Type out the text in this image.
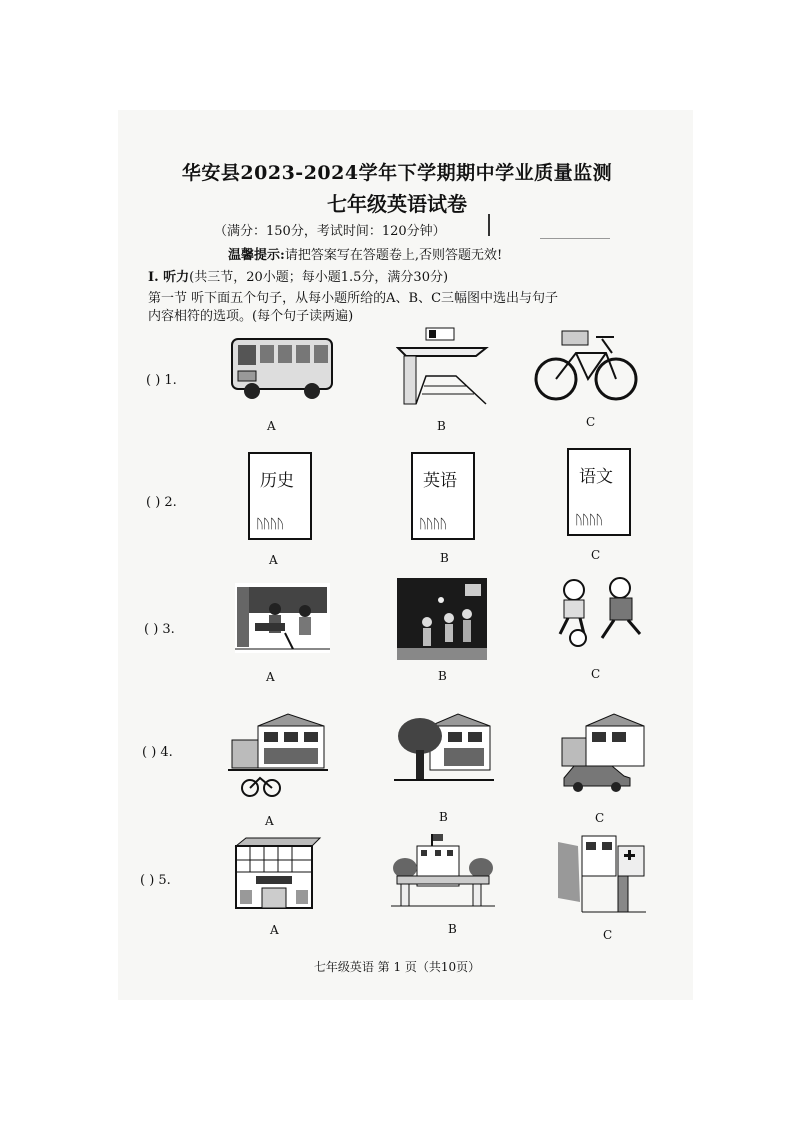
华安县2023-2024学年下学期期中学业质量监测
七年级英语试卷
（满分：150分，考试时间：120分钟）
温馨提示:请把答案写在答题卷上,否则答题无效!
Ⅰ. 听力(共三节，20小题；每小题1.5分，满分30分)
第一节 听下面五个句子，从每小题所给的A、B、C三幅图中选出与句子
内容相符的选项。(每个句子读两遍)
( ) 1.
A	B	C
( ) 2.
历史
ᚢᚢᚢᚢ
英语
ᚢᚢᚢᚢ
语文
ᚢᚢᚢᚢ
A	B	C
( ) 3.
A	B	C
( ) 4.
A	B	C
( ) 5.
A	B	C
七年级英语 第 1 页（共10页）
